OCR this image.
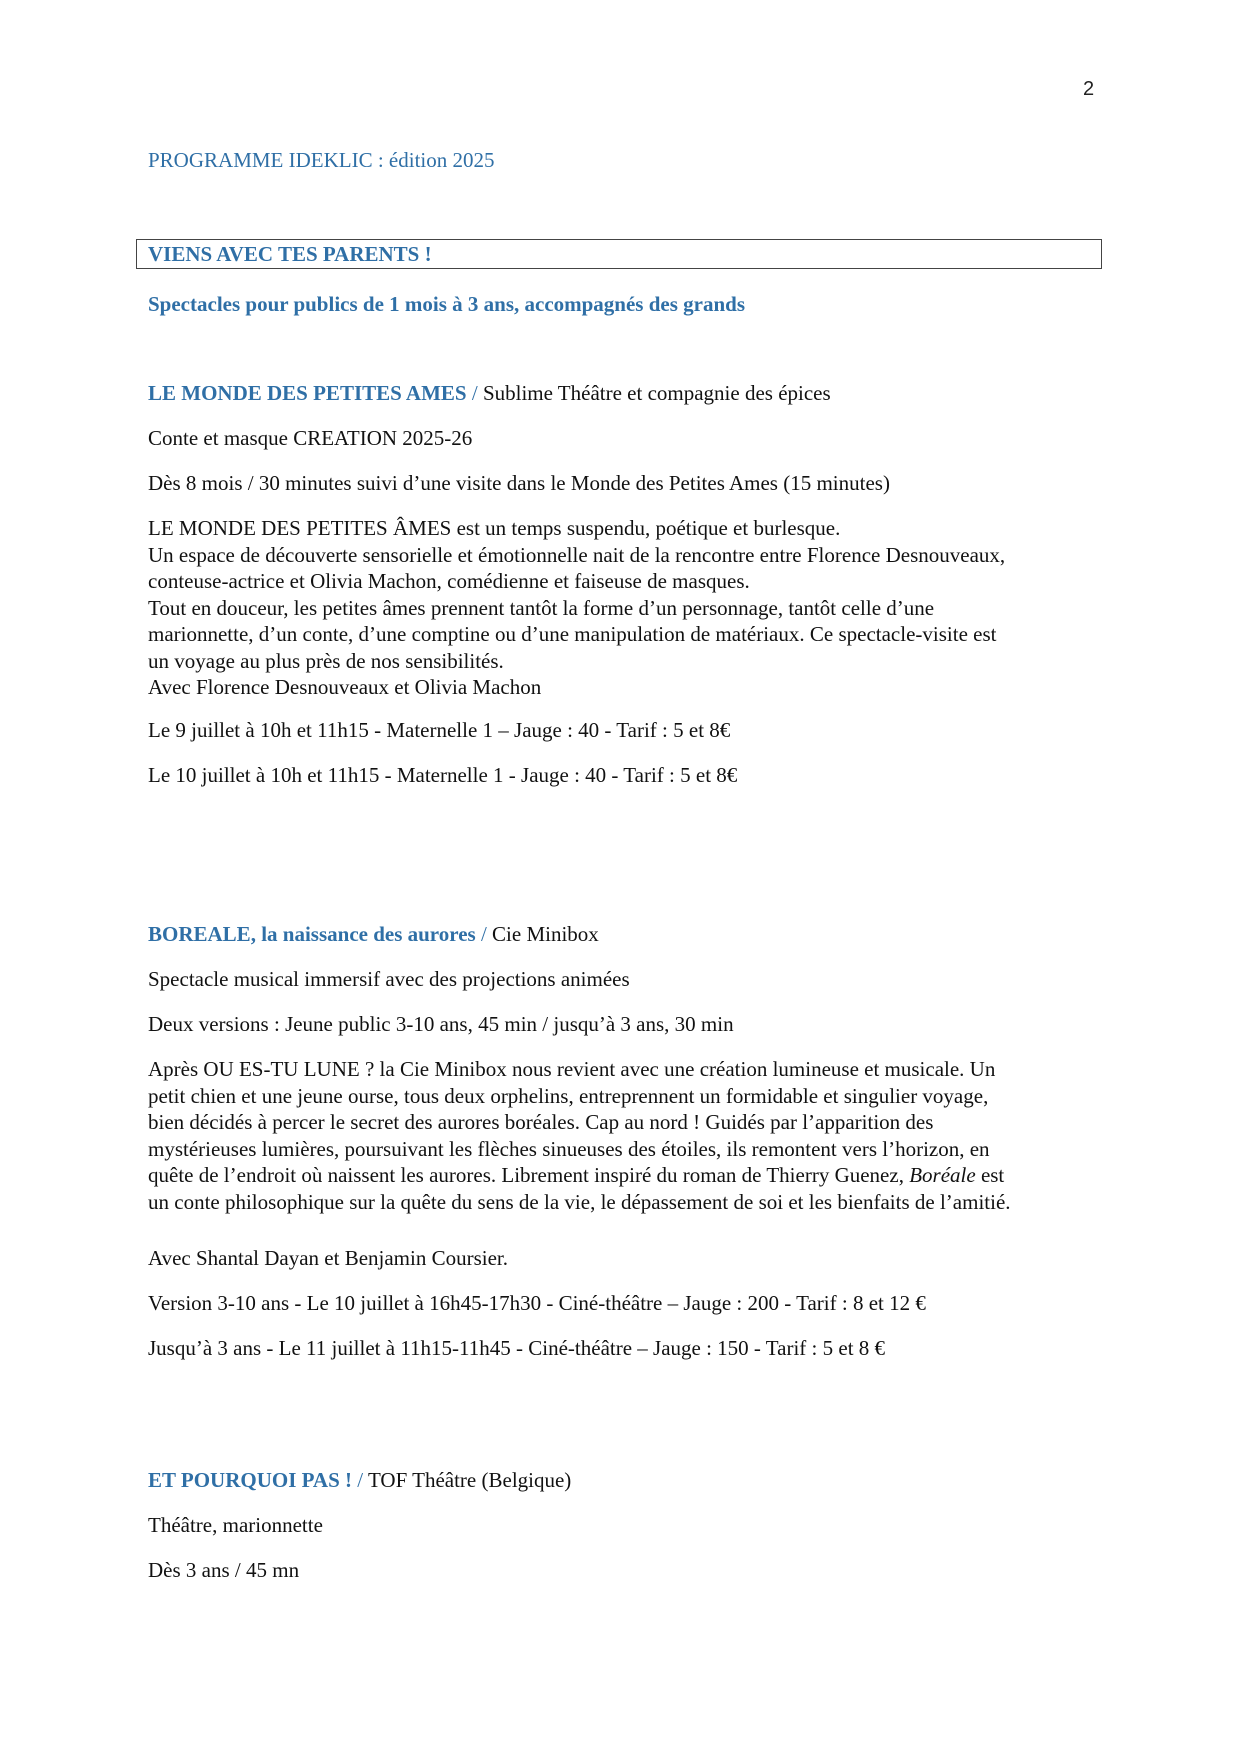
2
PROGRAMME IDEKLIC : édition 2025
VIENS AVEC TES PARENTS !
Spectacles pour publics de 1 mois à 3 ans, accompagnés des grands
LE MONDE DES PETITES AMES / Sublime Théâtre et compagnie des épices
Conte et masque CREATION 2025-26
Dès 8 mois / 30 minutes suivi d’une visite dans le Monde des Petites Ames (15 minutes)
LE MONDE DES PETITES ÂMES est un temps suspendu, poétique et burlesque.
Un espace de découverte sensorielle et émotionnelle nait de la rencontre entre Florence Desnouveaux,
conteuse-actrice et Olivia Machon, comédienne et faiseuse de masques.
Tout en douceur, les petites âmes prennent tantôt la forme d’un personnage, tantôt celle d’une
marionnette, d’un conte, d’une comptine ou d’une manipulation de matériaux. Ce spectacle-visite est
un voyage au plus près de nos sensibilités.
Avec Florence Desnouveaux et Olivia Machon
Le 9 juillet à 10h et 11h15 - Maternelle 1 – Jauge : 40 - Tarif : 5 et 8€
Le 10 juillet à 10h et 11h15 - Maternelle 1 - Jauge : 40 - Tarif : 5 et 8€
BOREALE, la naissance des aurores / Cie Minibox
Spectacle musical immersif avec des projections animées
Deux versions : Jeune public 3-10 ans, 45 min / jusqu’à 3 ans, 30 min
Après OU ES-TU LUNE ? la Cie Minibox nous revient avec une création lumineuse et musicale. Un
petit chien et une jeune ourse, tous deux orphelins, entreprennent un formidable et singulier voyage,
bien décidés à percer le secret des aurores boréales. Cap au nord ! Guidés par l’apparition des
mystérieuses lumières, poursuivant les flèches sinueuses des étoiles, ils remontent vers l’horizon, en
quête de l’endroit où naissent les aurores. Librement inspiré du roman de Thierry Guenez, Boréale est
un conte philosophique sur la quête du sens de la vie, le dépassement de soi et les bienfaits de l’amitié.
Avec Shantal Dayan et Benjamin Coursier.
Version 3-10 ans - Le 10 juillet à 16h45-17h30 - Ciné-théâtre – Jauge : 200 - Tarif : 8 et 12 €
Jusqu’à 3 ans - Le 11 juillet à 11h15-11h45 - Ciné-théâtre – Jauge : 150 - Tarif : 5 et 8 €
ET POURQUOI PAS ! / TOF Théâtre (Belgique)
Théâtre, marionnette
Dès 3 ans / 45 mn
